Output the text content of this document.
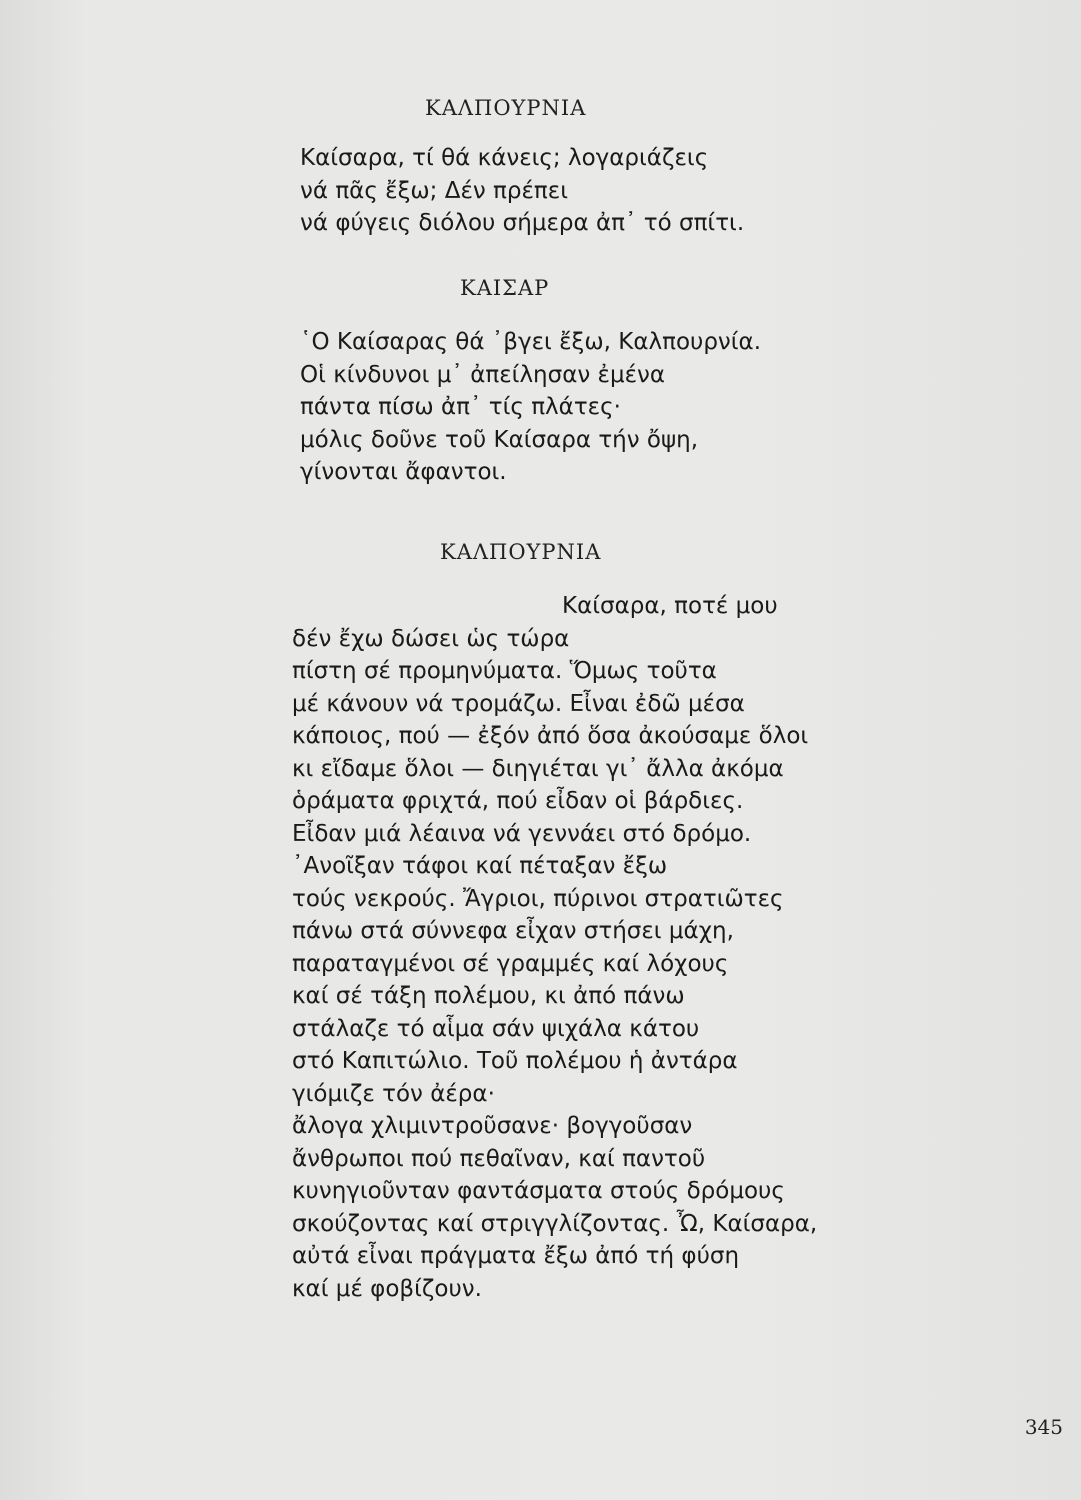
ΚΑΛΠΟΥΡΝΙΑ
Καίσαρα, τί θά κάνεις; λογαριάζεις
νά πᾶς ἔξω; Δέν πρέπει
νά φύγεις διόλου σήμερα ἀπ᾽ τό σπίτι.
ΚΑΙΣΑΡ
῾Ο Καίσαρας θά ᾽βγει ἔξω, Καλπουρνία.
Οἱ κίνδυνοι μ᾽ ἀπείλησαν ἐμένα
πάντα πίσω ἀπ᾽ τίς πλάτες·
μόλις δοῦνε τοῦ Καίσαρα τήν ὄψη,
γίνονται ἄφαντοι.
ΚΑΛΠΟΥΡΝΙΑ
Καίσαρα, ποτέ μου
δέν ἔχω δώσει ὡς τώρα
πίστη σέ προμηνύματα. Ὅμως τοῦτα
μέ κάνουν νά τρομάζω. Εἶναι ἐδῶ μέσα
κάποιος, πού — ἐξόν ἀπό ὅσα ἀκούσαμε ὅλοι
κι εἴδαμε ὅλοι — διηγιέται γι᾽ ἄλλα ἀκόμα
ὁράματα φριχτά, πού εἶδαν οἱ βάρδιες.
Εἶδαν μιά λέαινα νά γεννάει στό δρόμο.
᾽Ανοῖξαν τάφοι καί πέταξαν ἔξω
τούς νεκρούς. Ἄγριοι, πύρινοι στρατιῶτες
πάνω στά σύννεφα εἶχαν στήσει μάχη,
παραταγμένοι σέ γραμμές καί λόχους
καί σέ τάξη πολέμου, κι ἀπό πάνω
στάλαζε τό αἷμα σάν ψιχάλα κάτου
στό Καπιτώλιο. Τοῦ πολέμου ἡ ἀντάρα
γιόμιζε τόν ἀέρα·
ἄλογα χλιμιντροῦσανε· βογγοῦσαν
ἄνθρωποι πού πεθαῖναν, καί παντοῦ
κυνηγιοῦνταν φαντάσματα στούς δρόμους
σκούζοντας καί στριγγλίζοντας. Ὦ, Καίσαρα,
αὐτά εἶναι πράγματα ἔξω ἀπό τή φύση
καί μέ φοβίζουν.
345
